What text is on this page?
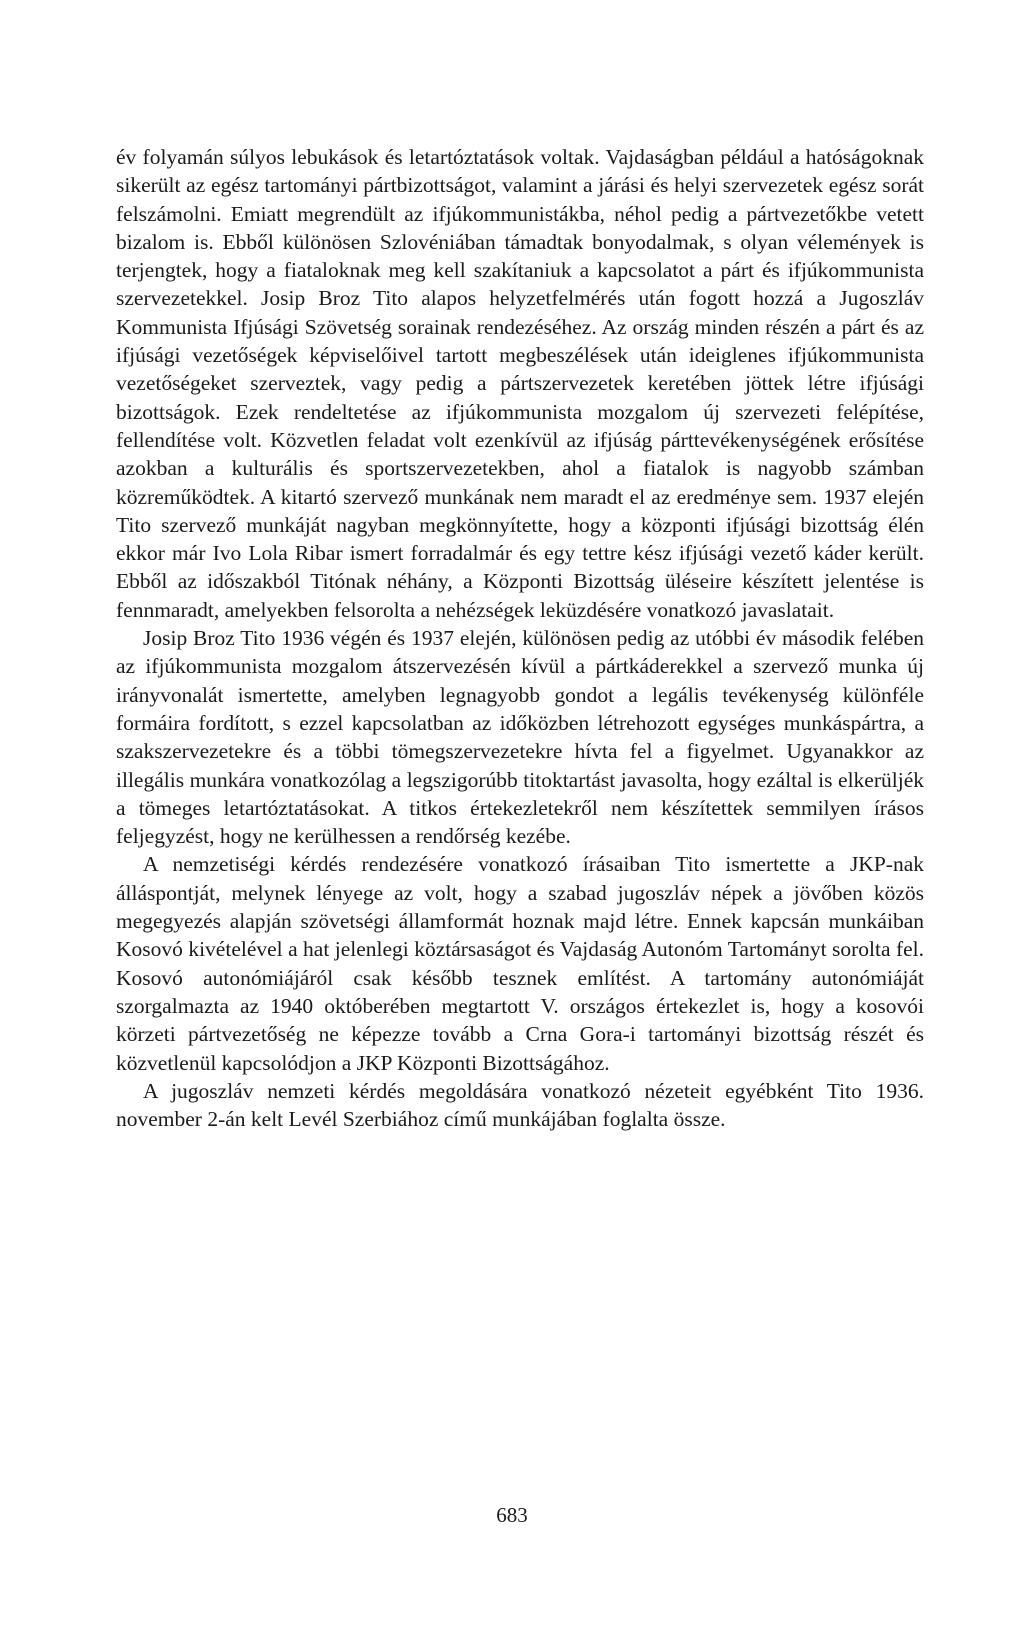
év folyamán súlyos lebukások és letartóztatások voltak. Vajdaságban például a hatóságoknak sikerült az egész tartományi pártbizottságot, valamint a járási és helyi szervezetek egész sorát felszámolni. Emiatt megrendült az ifjúkommunistákba, néhol pedig a pártvezetőkbe vetett bizalom is. Ebből különösen Szlovéniában támadtak bonyodalmak, s olyan vélemények is terjengtek, hogy a fiataloknak meg kell szakítaniuk a kapcsolatot a párt és ifjúkommunista szervezetekkel. Josip Broz Tito alapos helyzetfelmérés után fogott hozzá a Jugoszláv Kommunista Ifjúsági Szövetség sorainak rendezéséhez. Az ország minden részén a párt és az ifjúsági vezetőségek képviselőivel tartott megbeszélések után ideiglenes ifjúkommunista vezetőségeket szerveztek, vagy pedig a pártszervezetek keretében jöttek létre ifjúsági bizottságok. Ezek rendeltetése az ifjúkommunista mozgalom új szervezeti felépítése, fellendítése volt. Közvetlen feladat volt ezenkívül az ifjúság párttevékenységének erősítése azokban a kulturális és sportszervezetekben, ahol a fiatalok is nagyobb számban közreműködtek. A kitartó szervező munkának nem maradt el az eredménye sem. 1937 elején Tito szervező munkáját nagyban megkönnyítette, hogy a központi ifjúsági bizottság élén ekkor már Ivo Lola Ribar ismert forradalmár és egy tettre kész ifjúsági vezető káder került. Ebből az időszakból Titónak néhány, a Központi Bizottság üléseire készített jelentése is fennmaradt, amelyekben felsorolta a nehézségek leküzdésére vonatkozó javaslatait.

Josip Broz Tito 1936 végén és 1937 elején, különösen pedig az utóbbi év második felében az ifjúkommunista mozgalom átszervezésén kívül a pártkáderekkel a szervező munka új irányvonalát ismertette, amelyben legnagyobb gondot a legális tevékenység különféle formáira fordított, s ezzel kapcsolatban az időközben létrehozott egységes munkáspártra, a szakszervezetekre és a többi tömegszervezetekre hívta fel a figyelmet. Ugyanakkor az illegális munkára vonatkozólag a legszigorúbb titoktartást javasolta, hogy ezáltal is elkerüljék a tömeges letartóztatásokat. A titkos értekezletekről nem készítettek semmilyen írásos feljegyzést, hogy ne kerülhessen a rendőrség kezébe.

A nemzetiségi kérdés rendezésére vonatkozó írásaiban Tito ismertette a JKP-nak álláspontját, melynek lényege az volt, hogy a szabad jugoszláv népek a jövőben közös megegyezés alapján szövetségi államformát hoznak majd létre. Ennek kapcsán munkáiban Kosovó kivételével a hat jelenlegi köztársaságot és Vajdaság Autonóm Tartományt sorolta fel. Kosovó autonómiájáról csak később tesznek említést. A tartomány autonómiáját szorgalmazta az 1940 októberében megtartott V. országos értekezlet is, hogy a kosovói körzeti pártvezetőség ne képezze tovább a Crna Gora-i tartományi bizottság részét és közvetlenül kapcsolódjon a JKP Központi Bizottságához.

A jugoszláv nemzeti kérdés megoldására vonatkozó nézeteit egyébként Tito 1936. november 2-án kelt Levél Szerbiához című munkájában foglalta össze.

683
